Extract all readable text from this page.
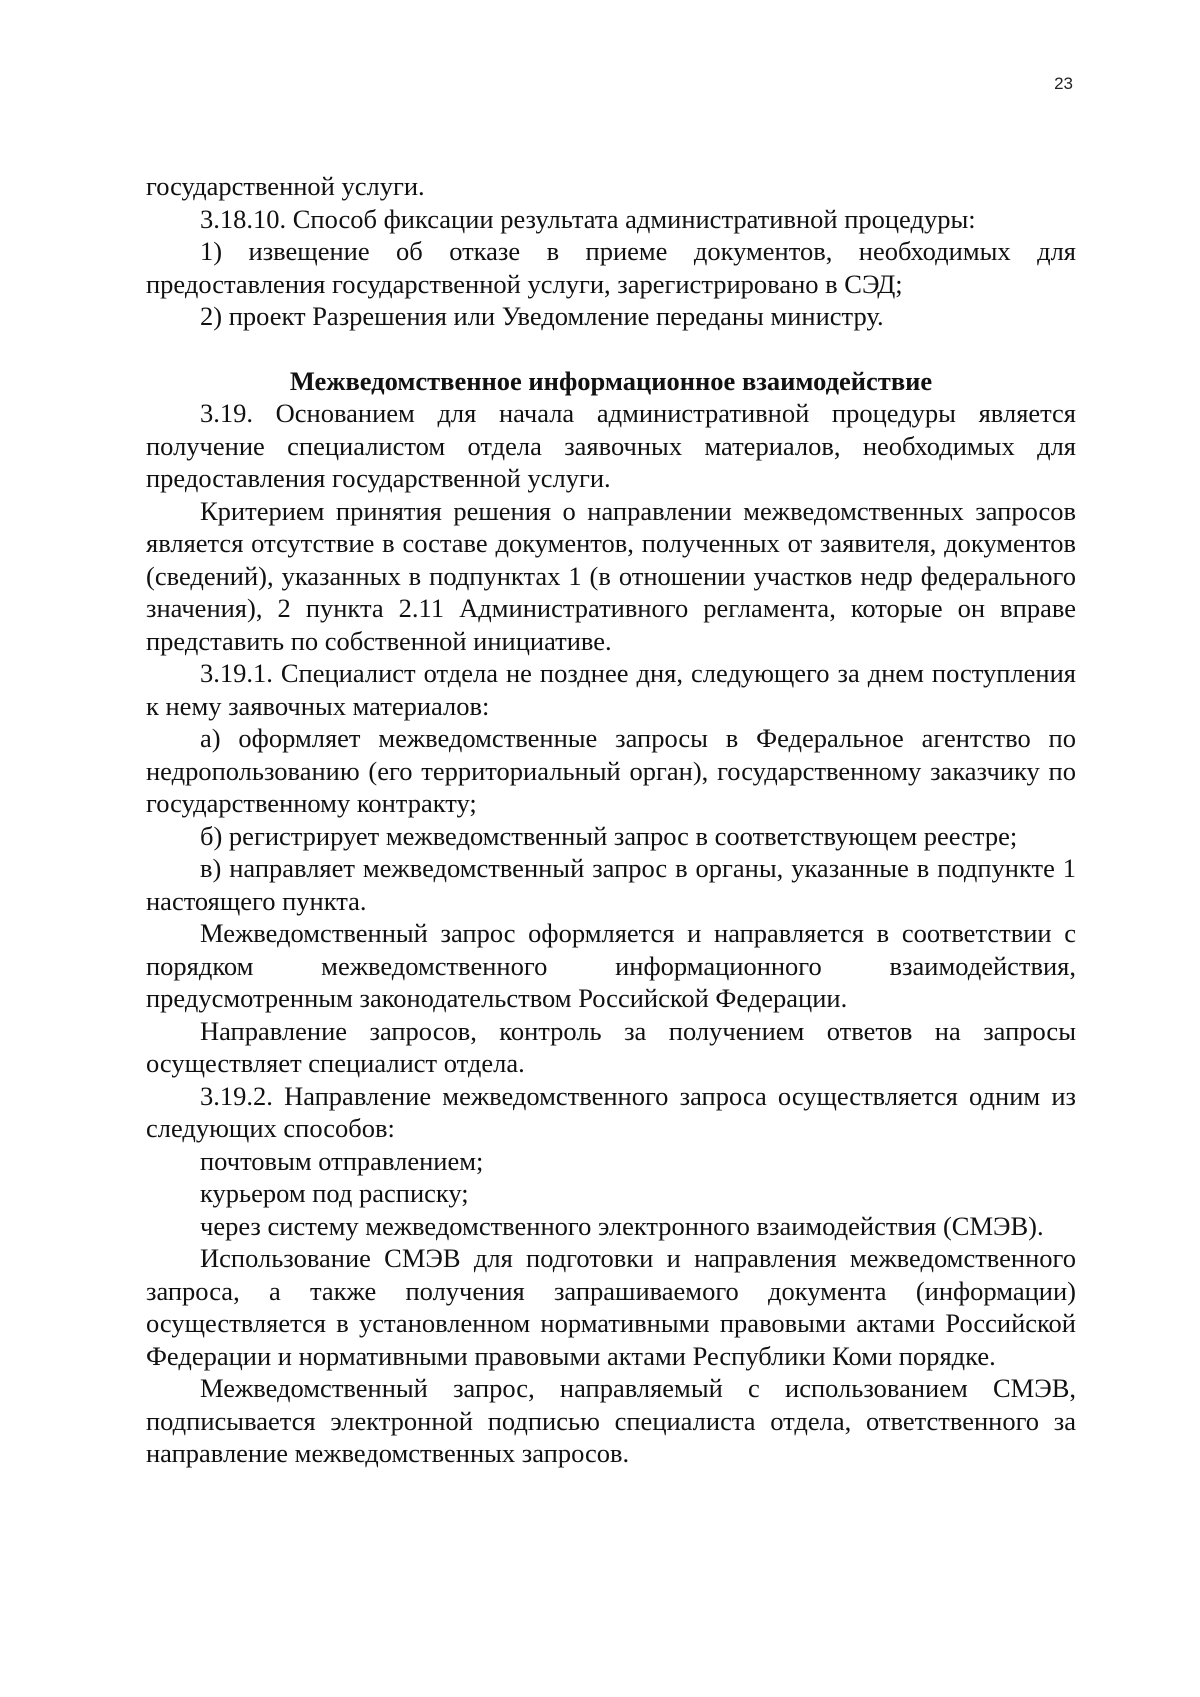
23

государственной услуги.

3.18.10. Способ фиксации результата административной процедуры:

1) извещение об отказе в приеме документов, необходимых для предоставления государственной услуги, зарегистрировано в СЭД;

2) проект Разрешения или Уведомление переданы министру.

Межведомственное информационное взаимодействие

3.19. Основанием для начала административной процедуры является получение специалистом отдела заявочных материалов, необходимых для предоставления государственной услуги.

Критерием принятия решения о направлении межведомственных запросов является отсутствие в составе документов, полученных от заявителя, документов (сведений), указанных в подпунктах 1 (в отношении участков недр федерального значения), 2 пункта 2.11 Административного регламента, которые он вправе представить по собственной инициативе.

3.19.1. Специалист отдела не позднее дня, следующего за днем поступления к нему заявочных материалов:

а) оформляет межведомственные запросы в Федеральное агентство по недропользованию (его территориальный орган), государственному заказчику по государственному контракту;

б) регистрирует межведомственный запрос в соответствующем реестре;

в) направляет межведомственный запрос в органы, указанные в подпункте 1 настоящего пункта.

Межведомственный запрос оформляется и направляется в соответствии с порядком межведомственного информационного взаимодействия, предусмотренным законодательством Российской Федерации.

Направление запросов, контроль за получением ответов на запросы осуществляет специалист отдела.

3.19.2. Направление межведомственного запроса осуществляется одним из следующих способов:

почтовым отправлением;

курьером под расписку;

через систему межведомственного электронного взаимодействия (СМЭВ).

Использование СМЭВ для подготовки и направления межведомственного запроса, а также получения запрашиваемого документа (информации) осуществляется в установленном нормативными правовыми актами Российской Федерации и нормативными правовыми актами Республики Коми порядке.

Межведомственный запрос, направляемый с использованием СМЭВ, подписывается электронной подписью специалиста отдела, ответственного за направление межведомственных запросов.
